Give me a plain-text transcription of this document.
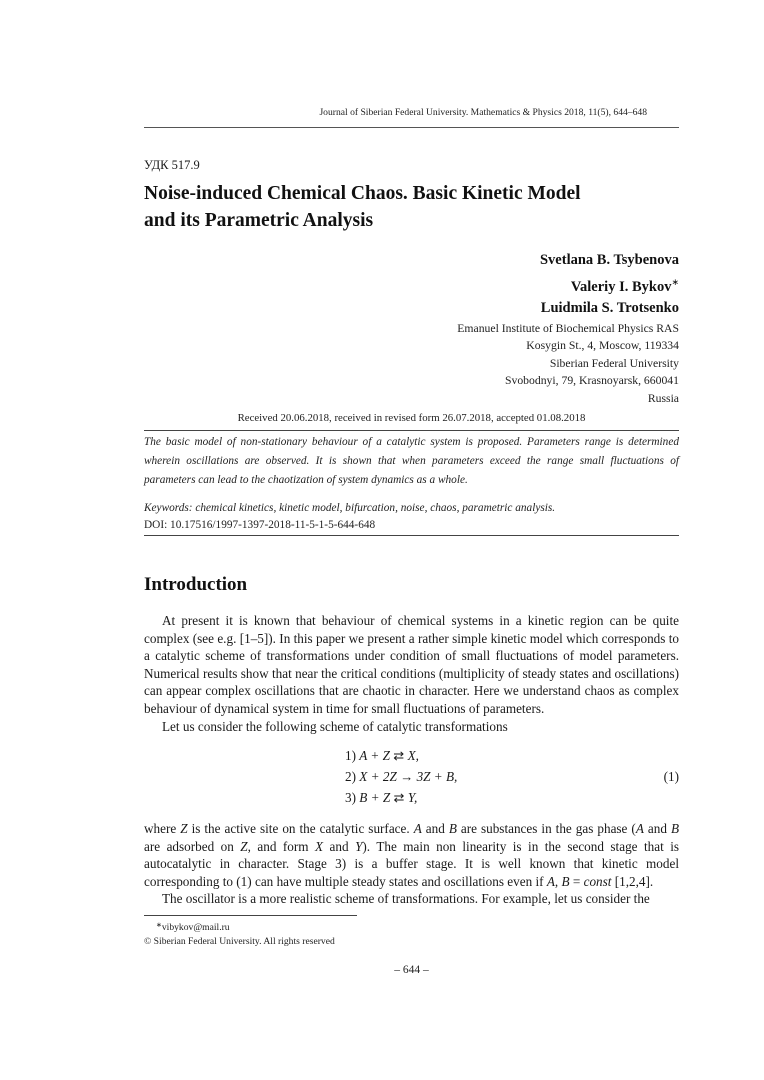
Journal of Siberian Federal University. Mathematics & Physics 2018, 11(5), 644–648
УДК 517.9
Noise-induced Chemical Chaos. Basic Kinetic Model
and its Parametric Analysis
Svetlana B. Tsybenova
Valeriy I. Bykov∗
Luidmila S. Trotsenko
Emanuel Institute of Biochemical Physics RAS
Kosygin St., 4, Moscow, 119334
Siberian Federal University
Svobodnyi, 79, Krasnoyarsk, 660041
Russia
Received 20.06.2018, received in revised form 26.07.2018, accepted 01.08.2018
The basic model of non-stationary behaviour of a catalytic system is proposed. Parameters range is determined wherein oscillations are observed. It is shown that when parameters exceed the range small fluctuations of parameters can lead to the chaotization of system dynamics as a whole.
Keywords: chemical kinetics, kinetic model, bifurcation, noise, chaos, parametric analysis.
DOI: 10.17516/1997-1397-2018-11-5-1-5-644-648
Introduction
At present it is known that behaviour of chemical systems in a kinetic region can be quite complex (see e.g. [1–5]). In this paper we present a rather simple kinetic model which corresponds to a catalytic scheme of transformations under condition of small fluctuations of model parameters. Numerical results show that near the critical conditions (multiplicity of steady states and oscillations) can appear complex oscillations that are chaotic in character. Here we understand chaos as complex behaviour of dynamical system in time for small fluctuations of parameters.
Let us consider the following scheme of catalytic transformations
1) A + Z ⇄ X,
2) X + 2Z → 3Z + B,
3) B + Z ⇄ Y,
(1)
where Z is the active site on the catalytic surface. A and B are substances in the gas phase (A and B are adsorbed on Z, and form X and Y). The main non linearity is in the second stage that is autocatalytic in character. Stage 3) is a buffer stage. It is well known that kinetic model corresponding to (1) can have multiple steady states and oscillations even if A, B = const [1,2,4].
The oscillator is a more realistic scheme of transformations. For example, let us consider the
∗vibykov@mail.ru
© Siberian Federal University. All rights reserved
– 644 –
